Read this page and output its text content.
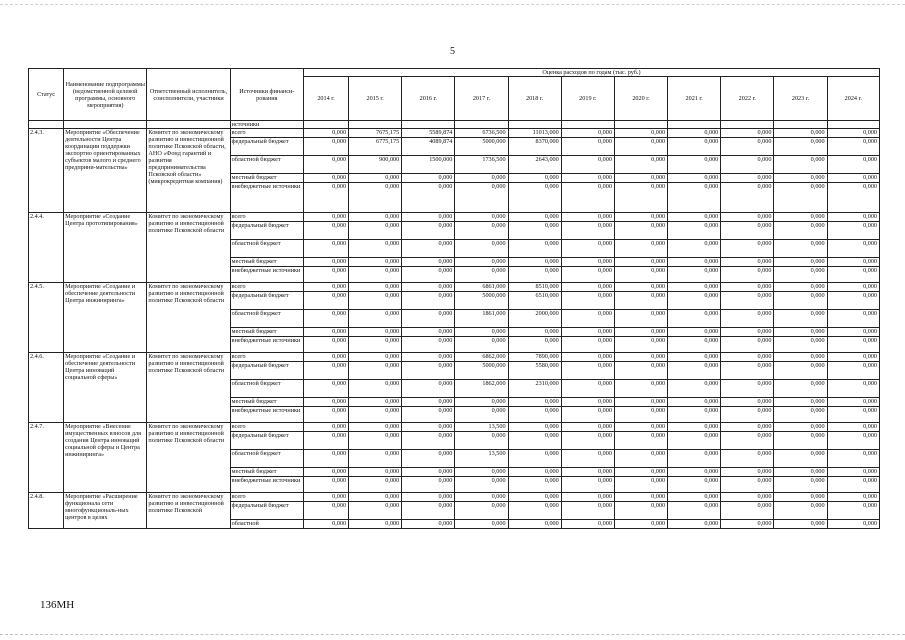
5
Статус	Наименование подпрограммы (ведомственной целевой программы, основного мероприятия)	Ответственный исполнитель, соисполнители, участники	Источники финанси-рования	Оценка расходов по годам (тыс. руб.)										
				2014 г.	2015 г.	2016 г.	2017 г.	2018 г.	2019 г.	2020 г.	2021 г.	2022 г.	2023 г.	2024 г.
			источники											
2.4.3.	Мероприятие «Обеспечение деятельности Центра координации поддержки экспортно ориентированных субъектов малого и среднего предприни-мательства»	Комитет по экономическому развитию и инвестиционной политике Псковской области, АНО «Фонд гарантий и развития предпринимательства Псковской области» (микрокредитная компания)	всего	0,000	7675,175	5589,874	6736,500	11013,000	0,000	0,000	0,000	0,000	0,000	0,000
			федеральный бюджет	0,000	6775,175	4089,874	5000,000	8370,000	0,000	0,000	0,000	0,000	0,000	0,000
			областной бюджет	0,000	900,000	1500,000	1736,500	2643,000	0,000	0,000	0,000	0,000	0,000	0,000
			местный бюджет	0,000	0,000	0,000	0,000	0,000	0,000	0,000	0,000	0,000	0,000	0,000
			внебюджетные источники	0,000	0,000	0,000	0,000	0,000	0,000	0,000	0,000	0,000	0,000	0,000
2.4.4.	Мероприятие «Создание Центра прототипирования»	Комитет по экономическому развитию и инвестиционной политике Псковской области	всего	0,000	0,000	0,000	0,000	0,000	0,000	0,000	0,000	0,000	0,000	0,000
			федеральный бюджет	0,000	0,000	0,000	0,000	0,000	0,000	0,000	0,000	0,000	0,000	0,000
			областной бюджет	0,000	0,000	0,000	0,000	0,000	0,000	0,000	0,000	0,000	0,000	0,000
			местный бюджет	0,000	0,000	0,000	0,000	0,000	0,000	0,000	0,000	0,000	0,000	0,000
			внебюджетные источники	0,000	0,000	0,000	0,000	0,000	0,000	0,000	0,000	0,000	0,000	0,000
2.4.5.	Мероприятие «Создание и обеспечение деятельности Центра инжиниринга»	Комитет по экономическому развитию и инвестиционной политике Псковской области	всего	0,000	0,000	0,000	6861,000	8510,000	0,000	0,000	0,000	0,000	0,000	0,000
			федеральный бюджет	0,000	0,000	0,000	5000,000	6510,000	0,000	0,000	0,000	0,000	0,000	0,000
			областной бюджет	0,000	0,000	0,000	1861,000	2000,000	0,000	0,000	0,000	0,000	0,000	0,000
			местный бюджет	0,000	0,000	0,000	0,000	0,000	0,000	0,000	0,000	0,000	0,000	0,000
			внебюджетные источники	0,000	0,000	0,000	0,000	0,000	0,000	0,000	0,000	0,000	0,000	0,000
2.4.6.	Мероприятие «Создание и обеспечение деятельности Центра инноваций социальной сферы»	Комитет по экономическому развитию и инвестиционной политике Псковской области	всего	0,000	0,000	0,000	6862,000	7890,000	0,000	0,000	0,000	0,000	0,000	0,000
			федеральный бюджет	0,000	0,000	0,000	5000,000	5580,000	0,000	0,000	0,000	0,000	0,000	0,000
			областной бюджет	0,000	0,000	0,000	1862,000	2310,000	0,000	0,000	0,000	0,000	0,000	0,000
			местный бюджет	0,000	0,000	0,000	0,000	0,000	0,000	0,000	0,000	0,000	0,000	0,000
			внебюджетные источники	0,000	0,000	0,000	0,000	0,000	0,000	0,000	0,000	0,000	0,000	0,000
2.4.7.	Мероприятие «Внесение имущественных взносов для создания Центра инноваций социальной сферы и Центра инжиниринга»	Комитет по экономическому развитию и инвестиционной политике Псковской области	всего	0,000	0,000	0,000	13,500	0,000	0,000	0,000	0,000	0,000	0,000	0,000
			федеральный бюджет	0,000	0,000	0,000	0,000	0,000	0,000	0,000	0,000	0,000	0,000	0,000
			областной бюджет	0,000	0,000	0,000	13,500	0,000	0,000	0,000	0,000	0,000	0,000	0,000
			местный бюджет	0,000	0,000	0,000	0,000	0,000	0,000	0,000	0,000	0,000	0,000	0,000
			внебюджетные источники	0,000	0,000	0,000	0,000	0,000	0,000	0,000	0,000	0,000	0,000	0,000
2.4.8.	Мероприятие «Расширение функционала сети многофункциональ-ных центров в целях	Комитет по экономическому развитию и инвестиционной политике Псковской	всего	0,000	0,000	0,000	0,000	0,000	0,000	0,000	0,000	0,000	0,000	0,000
			федеральный бюджет	0,000	0,000	0,000	0,000	0,000	0,000	0,000	0,000	0,000	0,000	0,000
			областной	0,000	0,000	0,000	0,000	0,000	0,000	0,000	0,000	0,000	0,000	0,000
136МН
